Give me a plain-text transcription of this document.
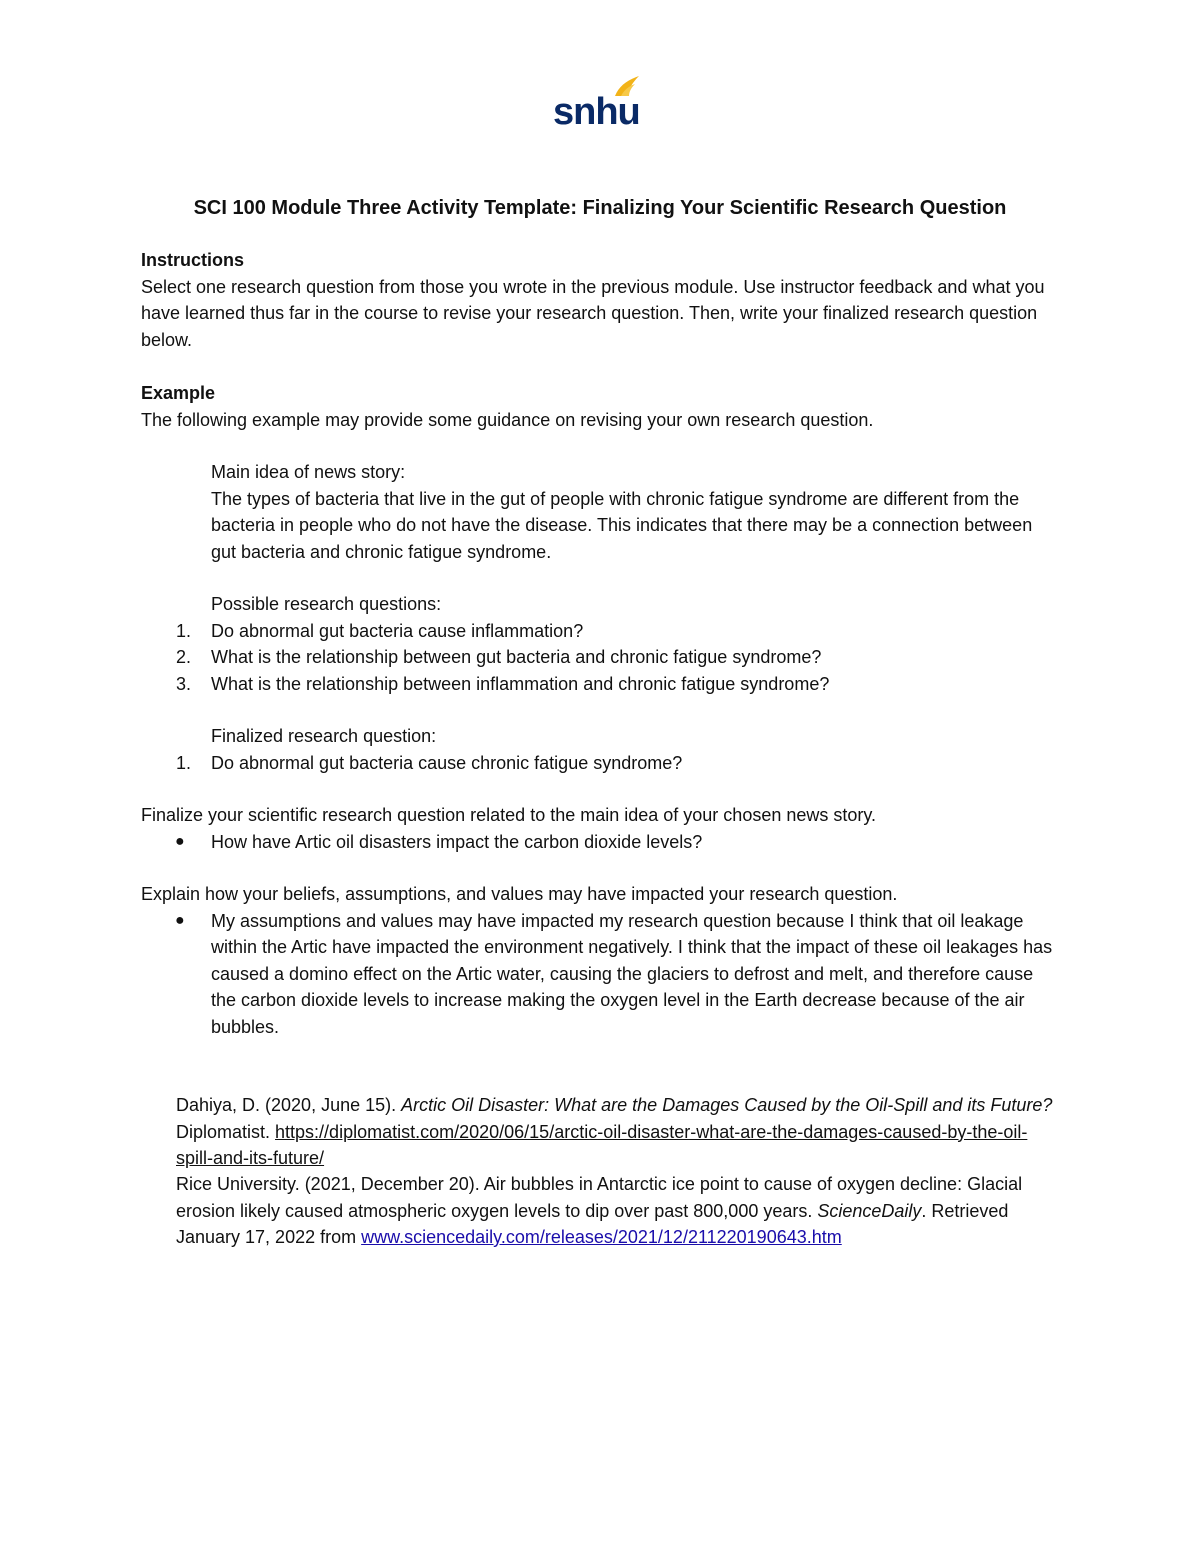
snhu
SCI 100 Module Three Activity Template: Finalizing Your Scientific Research Question
Instructions
Select one research question from those you wrote in the previous module. Use instructor feedback and what you have learned thus far in the course to revise your research question. Then, write your finalized research question below.
Example
The following example may provide some guidance on revising your own research question.
Main idea of news story:
The types of bacteria that live in the gut of people with chronic fatigue syndrome are different from the bacteria in people who do not have the disease. This indicates that there may be a connection between gut bacteria and chronic fatigue syndrome.
Possible research questions:
1. Do abnormal gut bacteria cause inflammation?
2. What is the relationship between gut bacteria and chronic fatigue syndrome?
3. What is the relationship between inflammation and chronic fatigue syndrome?
Finalized research question:
1. Do abnormal gut bacteria cause chronic fatigue syndrome?
Finalize your scientific research question related to the main idea of your chosen news story.
● How have Artic oil disasters impact the carbon dioxide levels?
Explain how your beliefs, assumptions, and values may have impacted your research question.
● My assumptions and values may have impacted my research question because I think that oil leakage within the Artic have impacted the environment negatively. I think that the impact of these oil leakages has caused a domino effect on the Artic water, causing the glaciers to defrost and melt, and therefore cause the carbon dioxide levels to increase making the oxygen level in the Earth decrease because of the air bubbles.
Dahiya, D. (2020, June 15). Arctic Oil Disaster: What are the Damages Caused by the Oil-Spill and its Future? Diplomatist. https://diplomatist.com/2020/06/15/arctic-oil-disaster-what-are-the-damages-caused-by-the-oil-spill-and-its-future/
Rice University. (2021, December 20). Air bubbles in Antarctic ice point to cause of oxygen decline: Glacial erosion likely caused atmospheric oxygen levels to dip over past 800,000 years. ScienceDaily. Retrieved January 17, 2022 from www.sciencedaily.com/releases/2021/12/211220190643.htm
